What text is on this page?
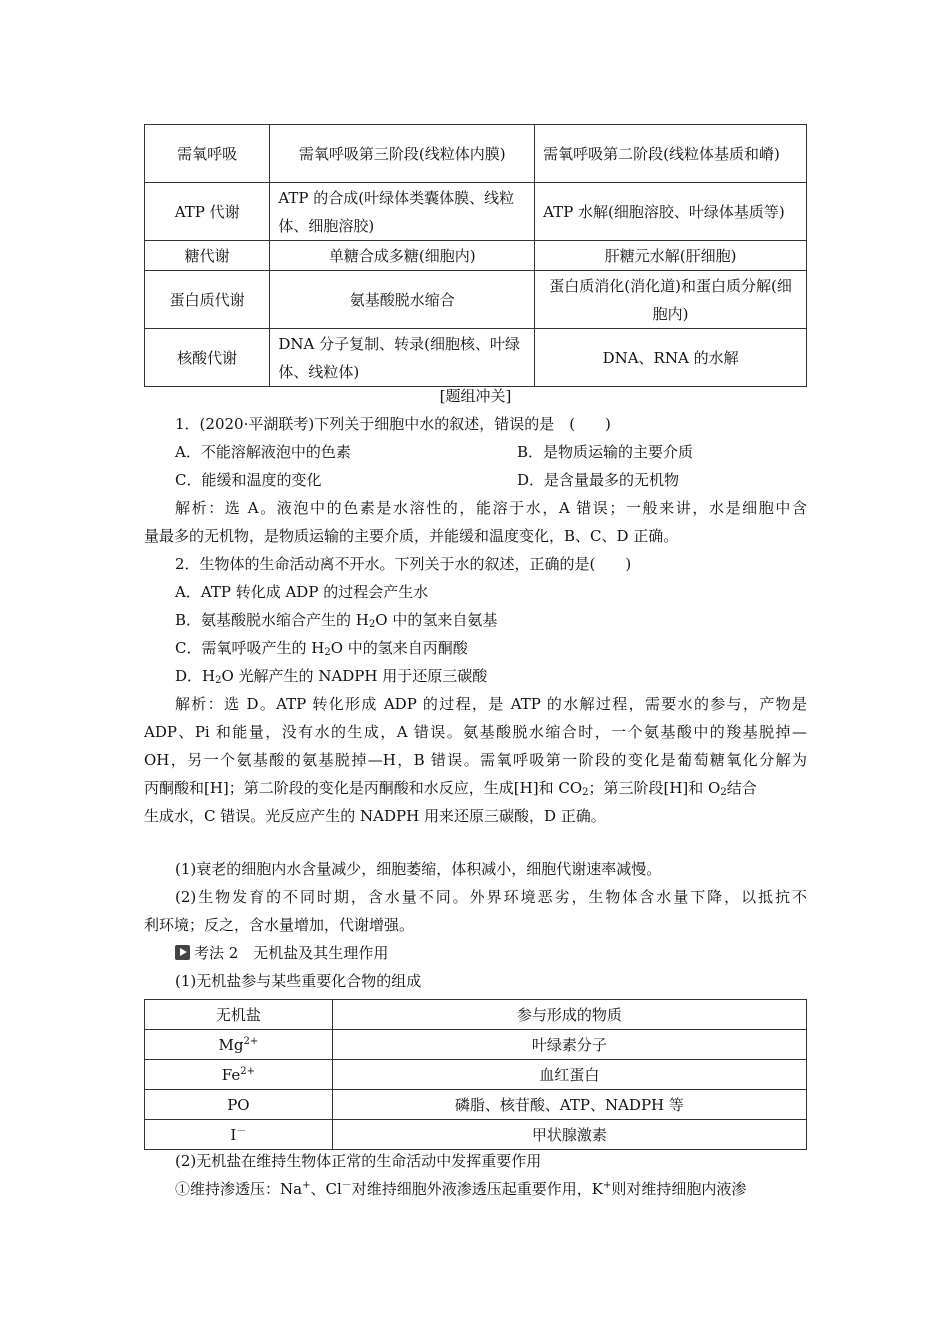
需氧呼吸	需氧呼吸第三阶段(线粒体内膜)	需氧呼吸第二阶段(线粒体基质和嵴)
ATP 代谢	ATP 的合成(叶绿体类囊体膜、线粒体、细胞溶胶)	ATP 水解(细胞溶胶、叶绿体基质等)
糖代谢	单糖合成多糖(细胞内)	肝糖元水解(肝细胞)
蛋白质代谢	氨基酸脱水缩合	蛋白质消化(消化道)和蛋白质分解(细胞内)
核酸代谢	DNA 分子复制、转录(细胞核、叶绿体、线粒体)	DNA、RNA 的水解
[题组冲关]
1．(2020·平湖联考)下列关于细胞中水的叙述，错误的是　(　　)
A．不能溶解液泡中的色素	B．是物质运输的主要介质
C．能缓和温度的变化	D．是含量最多的无机物
解析：选 A。液泡中的色素是水溶性的，能溶于水，A 错误；一般来讲，水是细胞中含
量最多的无机物，是物质运输的主要介质，并能缓和温度变化，B、C、D 正确。
2．生物体的生命活动离不开水。下列关于水的叙述，正确的是(　　)
A．ATP 转化成 ADP 的过程会产生水
B．氨基酸脱水缩合产生的 $H_2O$ 中的氢来自氨基
C．需氧呼吸产生的 $H_2O$ 中的氢来自丙酮酸
D．$H_2O$ 光解产生的 NADPH 用于还原三碳酸
解析：选 D。ATP 转化形成 ADP 的过程，是 ATP 的水解过程，需要水的参与，产物是
ADP、Pi 和能量，没有水的生成，A 错误。氨基酸脱水缩合时，一个氨基酸中的羧基脱掉—
OH，另一个氨基酸的氨基脱掉—H，B 错误。需氧呼吸第一阶段的变化是葡萄糖氧化分解为
丙酮酸和[H]；第二阶段的变化是丙酮酸和水反应，生成[H]和 $CO_2$；第三阶段[H]和 $O_2$结合
生成水，C 错误。光反应产生的 NADPH 用来还原三碳酸，D 正确。
(1)衰老的细胞内水含量减少，细胞萎缩，体积减小，细胞代谢速率减慢。
(2)生物发育的不同时期，含水量不同。外界环境恶劣，生物体含水量下降，以抵抗不
利环境；反之，含水量增加，代谢增强。
考法 2　无机盐及其生理作用
(1)无机盐参与某些重要化合物的组成
无机盐	参与形成的物质
$Mg^{2+}$	叶绿素分子
$Fe^{2+}$	血红蛋白
PO	磷脂、核苷酸、ATP、NADPH 等
I－	甲状腺激素
(2)无机盐在维持生物体正常的生命活动中发挥重要作用
①维持渗透压：Na+、Cl－对维持细胞外液渗透压起重要作用，K+则对维持细胞内液渗
